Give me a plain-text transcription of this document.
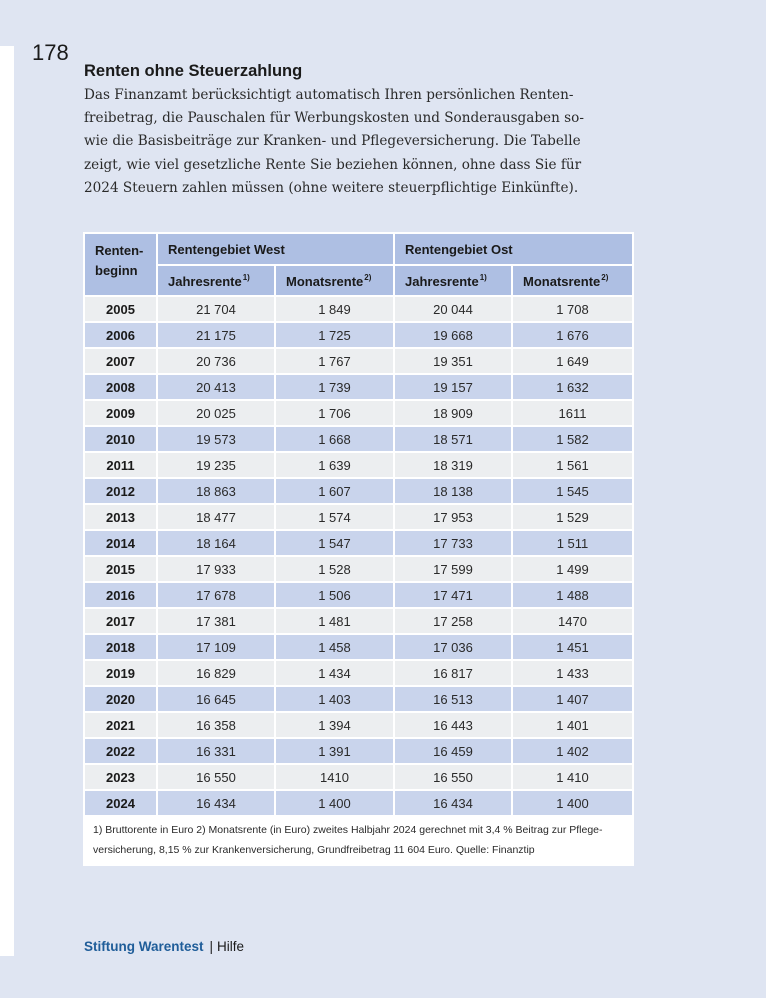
178
Renten ohne Steuerzahlung
Das Finanzamt berücksichtigt automatisch Ihren persönlichen Renten-
freibetrag, die Pauschalen für Werbungskosten und Sonderausgaben so-
wie die Basisbeiträge zur Kranken- und Pflegeversicherung. Die Tabelle
zeigt, wie viel gesetzliche Rente Sie beziehen können, ohne dass Sie für
2024 Steuern zahlen müssen (ohne weitere steuerpflichtige Einkünfte).
Renten-
beginn	Rentengebiet West		Rentengebiet Ost	
	Jahresrente$^{1)}$	Monatsrente$^{2)}$	Jahresrente$^{1)}$	Monatsrente$^{2)}$
2005	21 704	1 849	20 044	1 708
2006	21 175	1 725	19 668	1 676
2007	20 736	1 767	19 351	1 649
2008	20 413	1 739	19 157	1 632
2009	20 025	1 706	18 909	1611
2010	19 573	1 668	18 571	1 582
2011	19 235	1 639	18 319	1 561
2012	18 863	1 607	18 138	1 545
2013	18 477	1 574	17 953	1 529
2014	18 164	1 547	17 733	1 511
2015	17 933	1 528	17 599	1 499
2016	17 678	1 506	17 471	1 488
2017	17 381	1 481	17 258	1470
2018	17 109	1 458	17 036	1 451
2019	16 829	1 434	16 817	1 433
2020	16 645	1 403	16 513	1 407
2021	16 358	1 394	16 443	1 401
2022	16 331	1 391	16 459	1 402
2023	16 550	1410	16 550	1 410
2024	16 434	1 400	16 434	1 400
1) Bruttorente in Euro 2) Monatsrente (in Euro) zweites Halbjahr 2024 gerechnet mit 3,4 % Beitrag zur Pflege-
versicherung, 8,15 % zur Krankenversicherung, Grundfreibetrag 11 604 Euro. Quelle: Finanztip				
Stiftung Warentest | Hilfe
